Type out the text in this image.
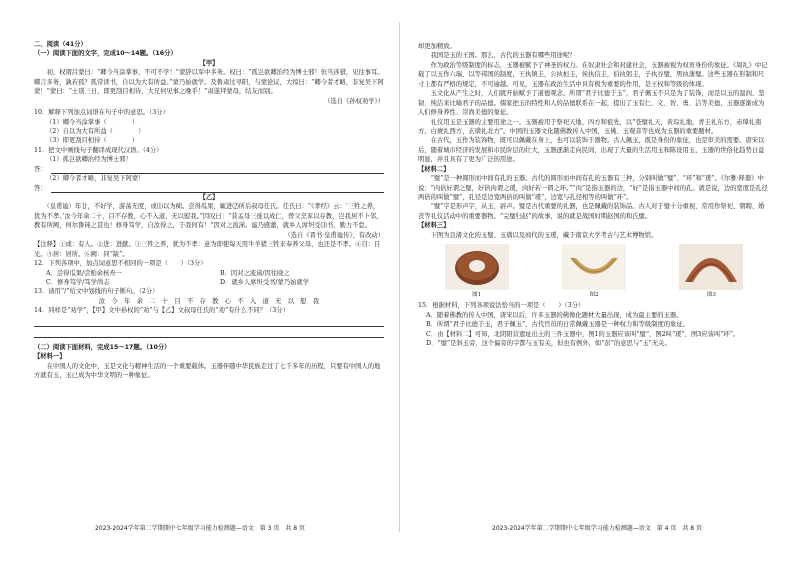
二、阅读（41分）

（一）阅读下面的文字，完成10～14题。（16分）

【甲】

　　初，权谓吕蒙曰：“卿今当涂掌事，不可不学！”蒙辞以军中多务。权曰：“孤岂欲卿治经为博士邪！但当涉猎，见往事耳。卿言多务，孰若孤？孤常读书，自以为大有所益。”蒙乃始就学。及鲁肃过寻阳，与蒙论议，大惊曰：“卿今者才略，非复吴下阿蒙！”蒙曰：“士别三日，即更刮目相待，大兄何见事之晚乎！”肃遂拜蒙母，结友而别。

（选自《孙权劝学》）

10．解释下列加点词语在句子中的意思。（3分）

（1）卿今当涂掌事（　　　　）

（2）自以为大有所益（　　　　）

（3）即更刮目相待（　　　　）

11．把文中画线句子翻译成现代汉语。（4分）

（1）孤岂欲卿治经为博士邪！

答：

（2）卿今者才略，非复吴下阿蒙！

答：

【乙】

　　（皇甫谧）年廿，不好学，游荡无度，或⑴以为痴。尝得瓜果，辄进⑵所后叔母任氏。任氏曰：“《孝经》云：‘三牲之养，犹为不孝。’汝今年余二十，目不存教，心不入道，无以慰我。”因叹曰：“昔孟母三徙以成仁，曾父烹豕以存教，岂我居不卜邻，教有所阙，何尔鲁钝之甚也！修身笃学，自汝得之，于我何有！”因对之流涕。谧乃感激，就乡人席坦受⑶书，勤力不怠。

（选自《晋书·皇甫谧传》，有改动）

【注释】①或：有人。②进：进献。③三牲之养，犹为不孝：意为即使每天用牛羊猪三牲来奉养父母，也还是不孝。④目：目光。⑤居：居所。⑥阙：同“缺”。

12．下列各项中，加点词意思不相同的一项是（　　）（3分）

A．尝得瓜果/尝贻余核舟一	B．因对之流涕/因往晓之
C．修身笃学/笃学尚志	D．就乡人席坦受书/蒙乃始就学

13．请用“/”给文中划线的句子断句。（2分）

汝　今　年　余　二　十　目　不　存　教　心　不　入　道　无　以　慰　我

14．同样是“劝学”，【甲】文中孙权的“劝”与【乙】文叔母任氏的“劝”有什么不同？（3分）

（二）阅读下面材料，完成15～17题。（10分）

【材料一】

　　在中国人的文化中，玉是文化与精神生活的一个重要载体。玉器伴随中华民族走过了七千多年的历程，只要有中国人的地方就有玉，玉已成为中华文明的一种象征。

2023-2024学年第二学期期中七年级学习能力检测题—语文　第 3 页　共 8 页

却更加精致。

　　我国是玉的王国。那么，古代的玉器有哪些用途呢？

　　作为政治等级制度的标志，玉器被赋予了神圣的权力。在奴隶社会和封建社会，玉器被视为权贵身份的象征。《周礼》中记载了以玉作六瑞、以等邦国的制度，王执镇圭，公执桓圭，侯执信圭，伯执躬圭，子执谷璧，男执蒲璧。这些玉器在形制和尺寸上都有严格的规定，不可逾越。可见，玉器在政治生活中具有极为重要的作用，是王权和等级的体现。

　　玉文化从产生之时，人们就开始赋予了道德观念。所谓“君子比德于玉”，君子佩玉不只是为了装饰，而是以玉的温润、坚韧、纯洁来比喻君子的品德。儒家把玉的特性和人的品德联系在一起，提出了玉有仁、义、智、勇、洁等美德，玉器逐渐成为人们修身养性、崇尚美德的象征。

　　礼仪用玉是玉器的主要用途之一。玉器被用于祭祀天地、四方和祖先，以“苍璧礼天，黄琮礼地，青圭礼东方，赤璋礼南方，白琥礼西方，玄璜礼北方”。中国的玉器文化随佛教传入中国，玉佛、玉观音等也成为玉器的重要题材。

　　在古代，玉作为装饰物，既可以佩戴在身上，也可以装饰于器物。古人佩玉，既是身份的象征，也是审美的需要。唐宋以后，随着城市经济的发展和市民阶层的壮大，玉器逐渐走向民间，出现了大量的生活用玉和陈设用玉，玉器的世俗化趋势日益明显，并且具有了更为广泛的用途。

【材料二】

　　“璧”是一种圆形而中间有孔的玉器。古代的圆形而中间有孔的玉器有三种，分别叫做“璧”、“环”和“瑗”。《尔雅·释器》中说：“肉倍好谓之璧，好倍肉谓之瑗，肉好若一谓之环。”“肉”是指玉器的边，“好”是指玉器中间的孔。就是说，边的宽度是孔径两倍的叫做“璧”，孔径是边宽两倍的叫做“瑗”，边宽与孔径相等的叫做“环”。

　　“璧”字是形声字，从玉，辟声。璧是古代重要的礼器，也是佩戴的装饰品。古人对于璧十分重视，常用作祭祀、朝聘、婚丧等礼仪活动中的重要器物。“完璧归赵”的故事，说的就是战国时期赵国的和氏璧。

【材料三】

　　下图为良渚文化的玉璧、玉璜以及商代的玉瑗，藏于南京大学考古与艺术博物馆。

图1	图2	图3

15．根据材料，下列各项说法恰当的一项是（　　）（3分）

A．随着佛教的传入中国，唐宋以后，许多玉器的佛像化题材大量出现，成为最主要的玉器。

B．所谓“君子比德于玉，君子佩玉”，古代官员的日常佩戴玉器是一种权力和等级制度的象征。

C．由【材料二】可知，北阴阳营遗址出土的三件玉器中，图1的玉器应该叫“璧”，图2叫“瑗”，图3应该叫“环”。

D．“璧”是斜玉旁，这个偏旁的字都与玉有关，但也有例外，如“彭”的意思与“玉”无关。

2023-2024学年第二学期期中七年级学习能力检测题—语文　第 4 页　共 8 页
